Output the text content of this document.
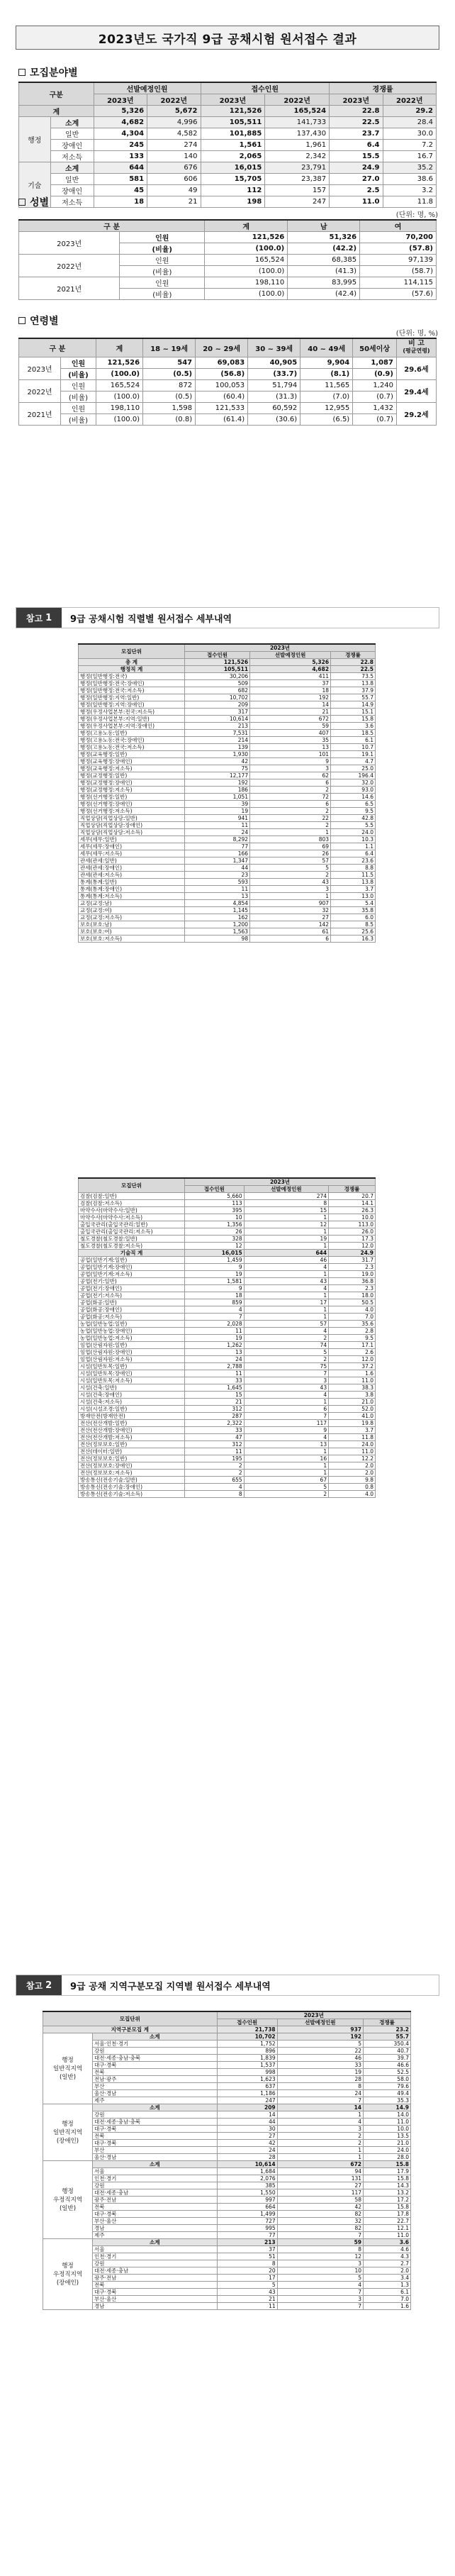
2023년도 국가직 9급 공채시험 원서접수 결과
모집분야별
구분		선발예정인원		접수인원		경쟁률	
		2023년	2022년	2023년	2022년	2023년	2022년
계		5,326	5,672	121,526	165,524	22.8	29.2
행정	소계	4,682	4,996	105,511	141,733	22.5	28.4
	일반	4,304	4,582	101,885	137,430	23.7	30.0
	장애인	245	274	1,561	1,961	6.4	7.2
	저소득	133	140	2,065	2,342	15.5	16.7
기술	소계	644	676	16,015	23,791	24.9	35.2
	일반	581	606	15,705	23,387	27.0	38.6
	장애인	45	49	112	157	2.5	3.2
	저소득	18	21	198	247	11.0	11.8
성별
(단위: 명, %)
구 분		계	남	여
2023년	인원	121,526	51,326	70,200
	(비율)	(100.0)	(42.2)	(57.8)
2022년	인원	165,524	68,385	97,139
	(비율)	(100.0)	(41.3)	(58.7)
2021년	인원	198,110	83,995	114,115
	(비율)	(100.0)	(42.4)	(57.6)
연령별
(단위: 명, %)
구 분		계	18 ~ 19세	20 ~ 29세	30 ~ 39세	40 ~ 49세	50세이상	비 고
(평균연령)
2023년	인원	121,526	547	69,083	40,905	9,904	1,087	29.6세
	(비율)	(100.0)	(0.5)	(56.8)	(33.7)	(8.1)	(0.9)	
2022년	인원	165,524	872	100,053	51,794	11,565	1,240	29.4세
	(비율)	(100.0)	(0.5)	(60.4)	(31.3)	(7.0)	(0.7)	
2021년	인원	198,110	1,598	121,533	60,592	12,955	1,432	29.2세
	(비율)	(100.0)	(0.8)	(61.4)	(30.6)	(6.5)	(0.7)	
참고 1	9급 공채시험 직렬별 원서접수 세부내역
모집단위	2023년		
	접수인원	선발예정인원	경쟁률
총 계	121,526	5,326	22.8
행정직 계	105,511	4,682	22.5
행정(일반행정:전국)	30,206	411	73.5
행정(일반행정:전국:장애인)	509	37	13.8
행정(일반행정:전국:저소득)	682	18	37.9
행정(일반행정:지역:일반)	10,702	192	55.7
행정(일반행정:지역:장애인)	209	14	14.9
행정(우정사업본부:전국:저소득)	317	21	15.1
행정(우정사업본부:지역:일반)	10,614	672	15.8
행정(우정사업본부:지역:장애인)	213	59	3.6
행정(고용노동:일반)	7,531	407	18.5
행정(고용노동:전국:장애인)	214	35	6.1
행정(고용노동:전국:저소득)	139	13	10.7
행정(교육행정:일반)	1,930	101	19.1
행정(교육행정:장애인)	42	9	4.7
행정(교육행정:저소득)	75	3	25.0
행정(교정행정:일반)	12,177	62	196.4
행정(교정행정:장애인)	192	6	32.0
행정(교정행정:저소득)	186	2	93.0
행정(선거행정:일반)	1,051	72	14.6
행정(선거행정:장애인)	39	6	6.5
행정(선거행정:저소득)	19	2	9.5
직업상담(직업상담:일반)	941	22	42.8
직업상담(직업상담:장애인)	11	2	5.5
직업상담(직업상담:저소득)	24	1	24.0
세무(세무:일반)	8,292	803	10.3
세무(세무:장애인)	77	69	1.1
세무(세무:저소득)	166	26	6.4
관세(관세:일반)	1,347	57	23.6
관세(관세:장애인)	44	5	8.8
관세(관세:저소득)	23	2	11.5
통계(통계:일반)	593	43	13.8
통계(통계:장애인)	11	3	3.7
통계(통계:저소득)	13	1	13.0
교정(교정:남)	4,854	907	5.4
교정(교정:여)	1,145	32	35.8
교정(교정:저소득)	162	27	6.0
보호(보호:남)	1,200	142	8.5
보호(보호:여)	1,563	61	25.6
보호(보호:저소득)	98	6	16.3
모집단위	2023년		
	접수인원	선발예정인원	경쟁률
검찰(검찰:일반)	5,660	274	20.7
검찰(검찰:저소득)	113	8	14.1
마약수사(마약수사:일반)	395	15	26.3
마약수사(마약수사:저소득)	10	1	10.0
출입국관리(출입국관리:일반)	1,356	12	113.0
출입국관리(출입국관리:저소득)	26	1	26.0
철도경찰(철도경찰:일반)	328	19	17.3
철도경찰(철도경찰:저소득)	12	1	12.0
기술직 계	16,015	644	24.9
공업(일반기계:일반)	1,459	46	31.7
공업(일반기계:장애인)	9	4	2.3
공업(일반기계:저소득)	19	1	19.0
공업(전기:일반)	1,581	43	36.8
공업(전기:장애인)	9	4	2.3
공업(전기:저소득)	18	1	18.0
공업(화공:일반)	859	17	50.5
공업(화공:장애인)	4	1	4.0
공업(화공:저소득)	7	1	7.0
농업(일반농업:일반)	2,028	57	35.6
농업(일반농업:장애인)	11	4	2.8
농업(일반농업:저소득)	19	2	9.5
임업(산림자원:일반)	1,262	74	17.1
임업(산림자원:장애인)	13	5	2.6
임업(산림자원:저소득)	24	2	12.0
시설(일반토목:일반)	2,788	75	37.2
시설(일반토목:장애인)	11	7	1.6
시설(일반토목:저소득)	33	3	11.0
시설(건축:일반)	1,645	43	38.3
시설(건축:장애인)	15	4	3.8
시설(건축:저소득)	21	1	21.0
시설(시설조경:일반)	312	6	52.0
방재안전(방재안전)	287	7	41.0
전산(전산개발:일반)	2,322	117	19.8
전산(전산개발:장애인)	33	9	3.7
전산(전산개발:저소득)	47	4	11.8
전산(정보보호:일반)	312	13	24.0
전산(데이터:일반)	11	1	11.0
전산(정보보호:일반)	195	16	12.2
전산(정보보호:장애인)	2	1	2.0
전산(정보보호:저소득)	2	1	2.0
방송통신(전송기술:일반)	655	67	9.8
방송통신(전송기술:장애인)	4	5	0.8
방송통신(전송기술:저소득)	8	2	4.0
참고 2	9급 공채 지역구분모집 지역별 원서접수 세부내역
모집단위		2023년		
		접수인원	선발예정인원	경쟁률
지역구분모집 계		21,738	937	23.2
행정
일반직지역
(일반)	소계	10,702	192	55.7
	서울·인천·경기	1,752	5	350.4
	강원	896	22	40.7
	대전·세종·충남·충북	1,839	46	39.7
	대구·경북	1,537	33	46.6
	전북	998	19	52.5
	전남·광주	1,623	28	58.0
	부산	637	8	79.6
	울산·경남	1,186	24	49.4
	제주	247	7	35.3
행정
일반직지역
(장애인)	소계	209	14	14.9
	강원	14	1	14.0
	대전·세종·충남·충북	44	4	11.0
	대구·경북	30	3	10.0
	전북	27	2	13.5
	대구·경북	42	2	21.0
	부산	24	1	24.0
	울산·경남	28	1	28.0
행정
우정직지역
(일반)	소계	10,614	672	15.8
	서울	1,684	94	17.9
	인천·경기	2,076	131	15.8
	강원	385	27	14.3
	대전·세종·충남	1,550	117	13.2
	광주·전남	997	58	17.2
	전북	664	42	15.8
	대구·경북	1,499	82	17.8
	부산·울산	727	32	22.7
	경남	995	82	12.1
	제주	77	7	11.0
행정
우정직지역
(장애인)	소계	213	59	3.6
	서울	37	8	4.6
	인천·경기	51	12	4.3
	강원	8	3	2.7
	대전·세종·충남	20	10	2.0
	광주·전남	17	5	3.4
	전북	5	4	1.3
	대구·경북	43	7	6.1
	부산·울산	21	3	7.0
	경남	11	7	1.6
